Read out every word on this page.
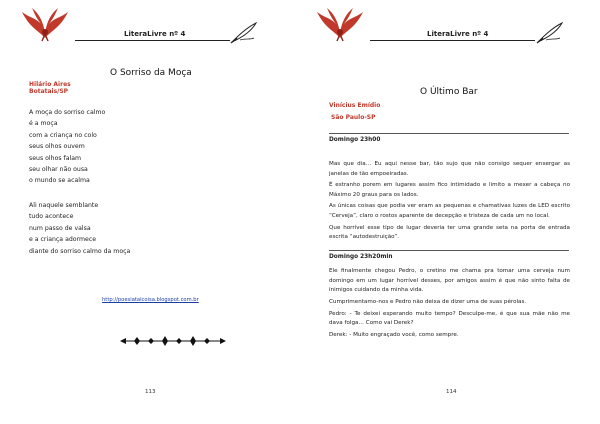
LiteraLivre nº 4
O Sorriso da Moça
Hilário Aires
Botatais/SP
A moça do sorriso calmo
é a moça
com a criança no colo
seus olhos ouvem
seus olhos falam
seu olhar não ousa
o mundo se acalma
Ali naquele semblante
tudo acontece
num passo de valsa
e a criança adormece
diante do sorriso calmo da moça
http://poesiatalcoisa.blogspot.com.br
113
LiteraLivre nº 4
O Último Bar
Vinícius Emídio
São Paulo-SP
Domingo 23h00

Mas que dia… Eu aqui nesse bar, tão sujo que não consigo sequer enxergar as janelas de tão empoeiradas.

É estranho porem em lugares assim fico intimidado e limito a mexer a cabeça no Máximo 20 graus para os lados.

As únicas coisas que podia ver eram as pequenas e chamativas luzes de LED escrito “Cerveja”, claro o rostos aparente de decepção e tristeza de cada um no local.

Que horrível esse tipo de lugar deveria ter uma grande seta na porta de entrada escrita “autodestruição”.

Domingo 23h20min

Ele finalmente chegou Pedro, o cretino me chama pra tomar uma cerveja num domingo em um lugar horrível desses, por amigos assim é que não sinto falta de inimigos cuidando da minha vida.

Cumprimentamo-nos e Pedro não deixa de dizer uma de suas pérolas.

Pedro: - Te deixei esperando muito tempo? Desculpe-me, é que sua mãe não me dava folga… Como vai Derek?

Derek: - Muito engraçado você, como sempre.

114
